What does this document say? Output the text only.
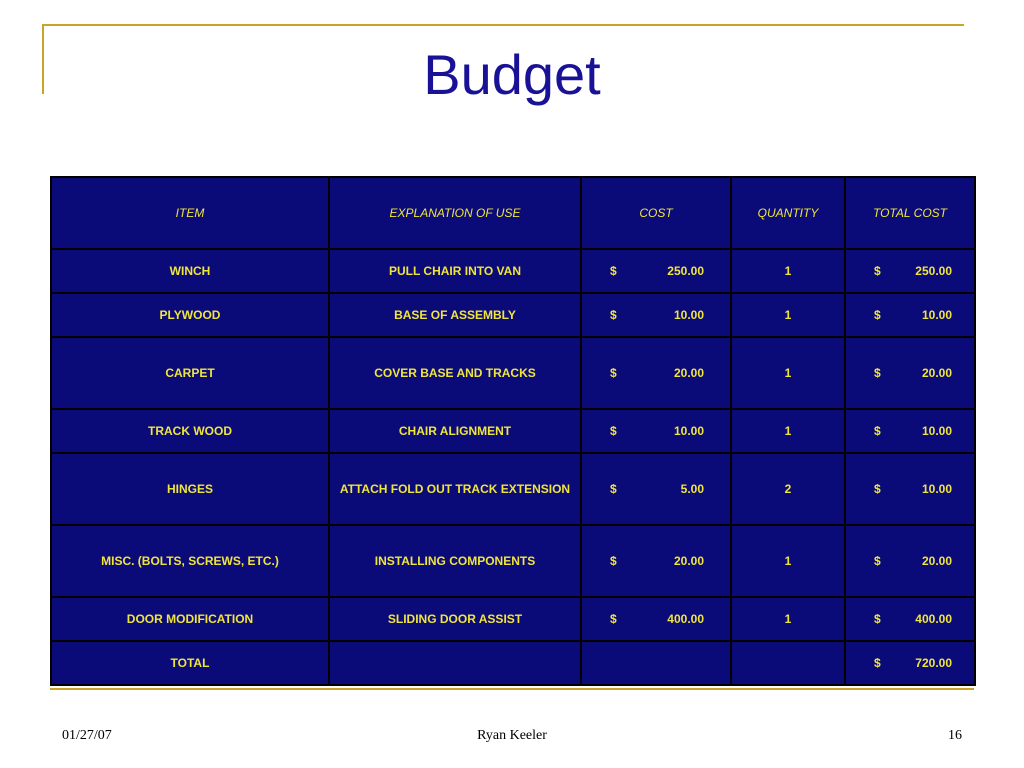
Budget
ITEM	EXPLANATION OF USE	COST	QUANTITY	TOTAL COST
WINCH	PULL CHAIR INTO VAN	$ 250.00	1	$ 250.00

PLYWOOD	BASE OF ASSEMBLY	$ 10.00	1	$ 10.00

CARPET	COVER BASE AND TRACKS	$ 20.00	1	$ 20.00

TRACK WOOD	CHAIR ALIGNMENT	$ 10.00	1	$ 10.00

HINGES	ATTACH FOLD OUT TRACK EXTENSION	$ 5.00	2	$ 10.00

MISC. (BOLTS, SCREWS, ETC.)	INSTALLING COMPONENTS	$ 20.00	1	$ 20.00

DOOR MODIFICATION	SLIDING DOOR ASSIST	$ 400.00	1	$ 400.00

TOTAL				$ 720.00
01/27/07	Ryan Keeler	16
